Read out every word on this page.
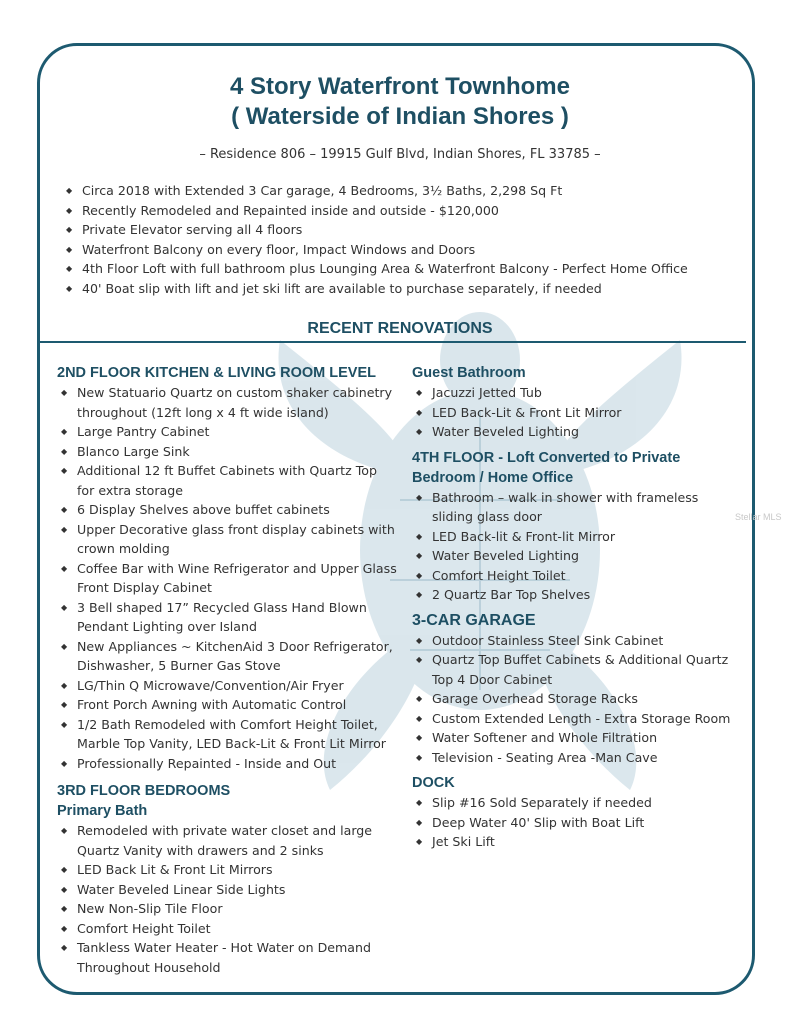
Stellar MLS
4 Story Waterfront Townhome
( Waterside of Indian Shores )
– Residence 806 – 19915 Gulf Blvd, Indian Shores, FL 33785 –
◆ Circa 2018 with Extended 3 Car garage, 4 Bedrooms, 3½ Baths, 2,298 Sq Ft
◆ Recently Remodeled and Repainted inside and outside - $120,000
◆ Private Elevator serving all 4 floors
◆ Waterfront Balcony on every floor, Impact Windows and Doors
◆ 4th Floor Loft with full bathroom plus Lounging Area & Waterfront Balcony - Perfect Home Office
◆ 40' Boat slip with lift and jet ski lift are available to purchase separately, if needed
RECENT RENOVATIONS
2ND FLOOR KITCHEN & LIVING ROOM LEVEL
◆ New Statuario Quartz on custom shaker cabinetry throughout (12ft long x 4 ft wide island)
◆ Large Pantry Cabinet
◆ Blanco Large Sink
◆ Additional 12 ft Buffet Cabinets with Quartz Top for extra storage
◆ 6 Display Shelves above buffet cabinets
◆ Upper Decorative glass front display cabinets with crown molding
◆ Coffee Bar with Wine Refrigerator and Upper Glass Front Display Cabinet
◆ 3 Bell shaped 17” Recycled Glass Hand Blown Pendant Lighting over Island
◆ New Appliances ~ KitchenAid 3 Door Refrigerator, Dishwasher, 5 Burner Gas Stove
◆ LG/Thin Q Microwave/Convention/Air Fryer
◆ Front Porch Awning with Automatic Control
◆ 1/2 Bath Remodeled with Comfort Height Toilet, Marble Top Vanity, LED Back-Lit & Front Lit Mirror
◆ Professionally Repainted - Inside and Out
3RD FLOOR BEDROOMS
Primary Bath
◆ Remodeled with private water closet and large Quartz Vanity with drawers and 2 sinks
◆ LED Back Lit & Front Lit Mirrors
◆ Water Beveled Linear Side Lights
◆ New Non-Slip Tile Floor
◆ Comfort Height Toilet
◆ Tankless Water Heater - Hot Water on Demand Throughout Household
Guest Bathroom
◆ Jacuzzi Jetted Tub
◆ LED Back-Lit & Front Lit Mirror
◆ Water Beveled Lighting
4TH FLOOR - Loft Converted to Private
Bedroom / Home Office
◆ Bathroom – walk in shower with frameless sliding glass door
◆ LED Back-lit & Front-lit Mirror
◆ Water Beveled Lighting
◆ Comfort Height Toilet
◆ 2 Quartz Bar Top Shelves
3-CAR GARAGE
◆ Outdoor Stainless Steel Sink Cabinet
◆ Quartz Top Buffet Cabinets & Additional Quartz Top 4 Door Cabinet
◆ Garage Overhead Storage Racks
◆ Custom Extended Length - Extra Storage Room
◆ Water Softener and Whole Filtration
◆ Television - Seating Area -Man Cave
DOCK
◆ Slip #16 Sold Separately if needed
◆ Deep Water 40' Slip with Boat Lift
◆ Jet Ski Lift
